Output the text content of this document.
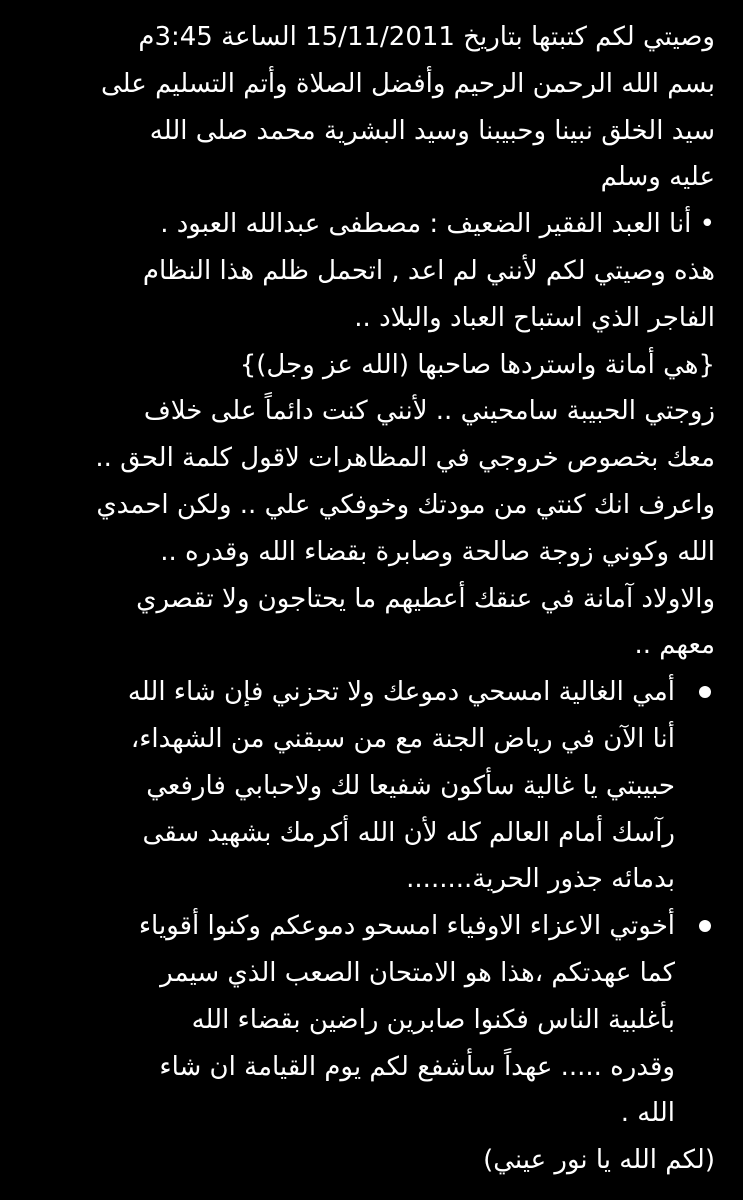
وصيتي لكم كتبتها بتاريخ 15/11/2011 الساعة 3:45م

بسم الله الرحمن الرحيم وأفضل الصلاة وأتم التسليم على

سيد الخلق نبينا وحبيبنا وسيد البشرية محمد صلى الله

عليه وسلم

• أنا العبد الفقير الضعيف : مصطفى عبدالله العبود .

هذه وصيتي لكم لأنني لم اعد , اتحمل ظلم هذا النظام

الفاجر الذي استباح العباد والبلاد ..

{هي أمانة واستردها صاحبها (الله عز وجل)}

زوجتي الحبيبة سامحيني .. لأنني كنت دائماً على خلاف

معك بخصوص خروجي في المظاهرات لاقول كلمة الحق ..

واعرف انك كنتي من مودتك وخوفكي علي .. ولكن احمدي

الله وكوني زوجة صالحة وصابرة بقضاء الله وقدره ..

والاولاد آمانة في عنقك أعطيهم ما يحتاجون ولا تقصري

معهم ..

أمي الغالية امسحي دموعك ولا تحزني فإن شاء الله

أنا الآن في رياض الجنة مع من سبقني من الشهداء،

حبيبتي يا غالية سأكون شفيعا لك ولاحبابي فارفعي

رآسك أمام العالم كله لأن الله أكرمك بشهيد سقى

بدمائه جذور الحرية........

أخوتي الاعزاء الاوفياء امسحو دموعكم وكنوا أقوياء

كما عهدتكم ،هذا هو الامتحان الصعب الذي سيمر

بأغلبية الناس فكنوا صابرين راضين بقضاء الله

وقدره ..... عهداً سأشفع لكم يوم القيامة ان شاء

الله .

(لكم الله يا نور عيني)
